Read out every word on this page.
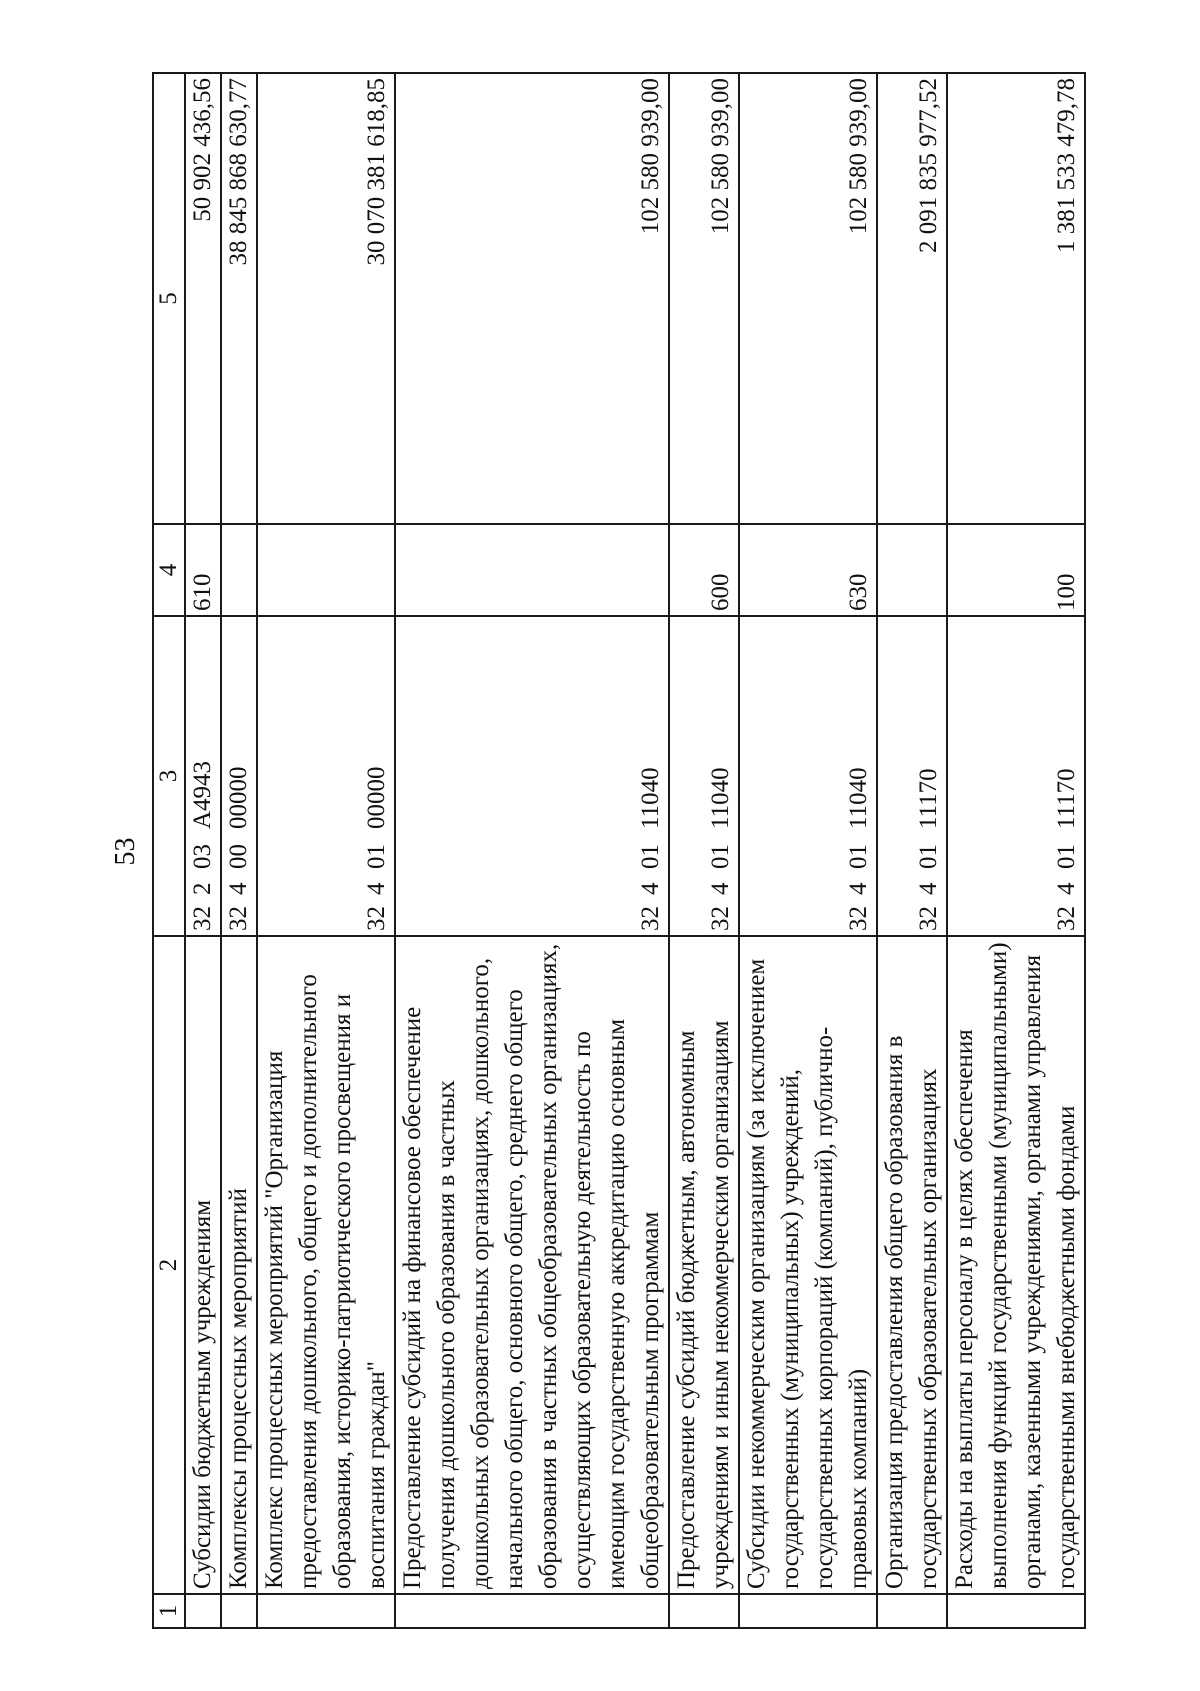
1	2	3	4	5
	Субсидии бюджетным учреждениям	32203А4943	610	50 902 436,56
	Комплексы процессных мероприятий	3240000000		38 845 868 630,77
	Комплекс процессных мероприятий "Организация предоставления дошкольного, общего и дополнительного образования, историко-патриотического просвещения и воспитания граждан"	3240100000		30 070 381 618,85
	Предоставление субсидий на финансовое обеспечение получения дошкольного образования в частных дошкольных образовательных организациях, дошкольного, начального общего, основного общего, среднего общего образования в частных общеобразовательных организациях, осуществляющих образовательную деятельность по имеющим государственную аккредитацию основным общеобразовательным программам	3240111040		102 580 939,00
	Предоставление субсидий бюджетным, автономным учреждениям и иным некоммерческим организациям	3240111040	600	102 580 939,00
	Субсидии некоммерческим организациям (за исключением государственных (муниципальных) учреждений, государственных корпораций (компаний), публично-правовых компаний)	3240111040	630	102 580 939,00
	Организация предоставления общего образования в государственных образовательных организациях	3240111170		2 091 835 977,52
	Расходы на выплаты персоналу в целях обеспечения выполнения функций государственными (муниципальными) органами, казенными учреждениями, органами управления государственными внебюджетными фондами	3240111170	100	1 381 533 479,78
53
